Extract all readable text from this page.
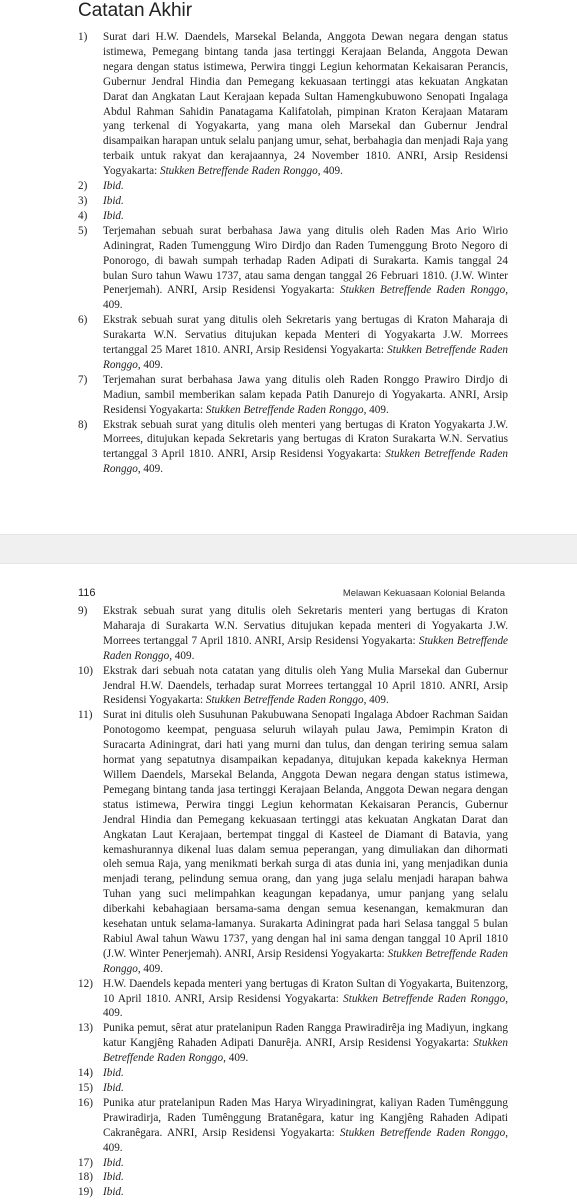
Catatan Akhir
1) Surat dari H.W. Daendels, Marsekal Belanda, Anggota Dewan negara dengan status istimewa, Pemegang bintang tanda jasa tertinggi Kerajaan Belanda, Anggota Dewan negara dengan status istimewa, Perwira tinggi Legiun kehormatan Kekaisaran Perancis, Gubernur Jendral Hindia dan Pemegang kekuasaan tertinggi atas kekuatan Angkatan Darat dan Angkatan Laut Kerajaan kepada Sultan Hamengkubuwono Senopati Ingalaga Abdul Rahman Sahidin Panatagama Kalifatolah, pimpinan Kraton Kerajaan Mataram yang terkenal di Yogyakarta, yang mana oleh Marsekal dan Gubernur Jendral disampaikan harapan untuk selalu panjang umur, sehat, berbahagia dan menjadi Raja yang terbaik untuk rakyat dan kerajaannya, 24 November 1810. ANRI, Arsip Residensi Yogyakarta: Stukken Betreffende Raden Ronggo, 409.
2) Ibid.
3) Ibid.
4) Ibid.
5) Terjemahan sebuah surat berbahasa Jawa yang ditulis oleh Raden Mas Ario Wirio Adiningrat, Raden Tumenggung Wiro Dirdjo dan Raden Tumenggung Broto Negoro di Ponorogo, di bawah sumpah terhadap Raden Adipati di Surakarta. Kamis tanggal 24 bulan Suro tahun Wawu 1737, atau sama dengan tanggal 26 Februari 1810. (J.W. Winter Penerjemah). ANRI, Arsip Residensi Yogyakarta: Stukken Betreffende Raden Ronggo, 409.
6) Ekstrak sebuah surat yang ditulis oleh Sekretaris yang bertugas di Kraton Maharaja di Surakarta W.N. Servatius ditujukan kepada Menteri di Yogyakarta J.W. Morrees tertanggal 25 Maret 1810. ANRI, Arsip Residensi Yogyakarta: Stukken Betreffende Raden Ronggo, 409.
7) Terjemahan surat berbahasa Jawa yang ditulis oleh Raden Ronggo Prawiro Dirdjo di Madiun, sambil memberikan salam kepada Patih Danurejo di Yogyakarta. ANRI, Arsip Residensi Yogyakarta: Stukken Betreffende Raden Ronggo, 409.
8) Ekstrak sebuah surat yang ditulis oleh menteri yang bertugas di Kraton Yogyakarta J.W. Morrees, ditujukan kepada Sekretaris yang bertugas di Kraton Surakarta W.N. Servatius tertanggal 3 April 1810. ANRI, Arsip Residensi Yogyakarta: Stukken Betreffende Raden Ronggo, 409.
116	Melawan Kekuasaan Kolonial Belanda
9) Ekstrak sebuah surat yang ditulis oleh Sekretaris menteri yang bertugas di Kraton Maharaja di Surakarta W.N. Servatius ditujukan kepada menteri di Yogyakarta J.W. Morrees tertanggal 7 April 1810. ANRI, Arsip Residensi Yogyakarta: Stukken Betreffende Raden Ronggo, 409.
10) Ekstrak dari sebuah nota catatan yang ditulis oleh Yang Mulia Marsekal dan Gubernur Jendral H.W. Daendels, terhadap surat Morrees tertanggal 10 April 1810. ANRI, Arsip Residensi Yogyakarta: Stukken Betreffende Raden Ronggo, 409.
11) Surat ini ditulis oleh Susuhunan Pakubuwana Senopati Ingalaga Abdoer Rachman Saidan Ponotogomo keempat, penguasa seluruh wilayah pulau Jawa, Pemimpin Kraton di Suracarta Adiningrat, dari hati yang murni dan tulus, dan dengan teriring semua salam hormat yang sepatutnya disampaikan kepadanya, ditujukan kepada kakeknya Herman Willem Daendels, Marsekal Belanda, Anggota Dewan negara dengan status istimewa, Pemegang bintang tanda jasa tertinggi Kerajaan Belanda, Anggota Dewan negara dengan status istimewa, Perwira tinggi Legiun kehormatan Kekaisaran Perancis, Gubernur Jendral Hindia dan Pemegang kekuasaan tertinggi atas kekuatan Angkatan Darat dan Angkatan Laut Kerajaan, bertempat tinggal di Kasteel de Diamant di Batavia, yang kemashurannya dikenal luas dalam semua peperangan, yang dimuliakan dan dihormati oleh semua Raja, yang menikmati berkah surga di atas dunia ini, yang menjadikan dunia menjadi terang, pelindung semua orang, dan yang juga selalu menjadi harapan bahwa Tuhan yang suci melimpahkan keagungan kepadanya, umur panjang yang selalu diberkahi kebahagiaan bersama-sama dengan semua kesenangan, kemakmuran dan kesehatan untuk selama-lamanya. Surakarta Adiningrat pada hari Selasa tanggal 5 bulan Rabiul Awal tahun Wawu 1737, yang dengan hal ini sama dengan tanggal 10 April 1810 (J.W. Winter Penerjemah). ANRI, Arsip Residensi Yogyakarta: Stukken Betreffende Raden Ronggo, 409.
12) H.W. Daendels kepada menteri yang bertugas di Kraton Sultan di Yogyakarta, Buitenzorg, 10 April 1810. ANRI, Arsip Residensi Yogyakarta: Stukken Betreffende Raden Ronggo, 409.
13) Punika pemut, sêrat atur pratelanipun Raden Rangga Prawiradirêja ing Madiyun, ingkang katur Kangjêng Rahaden Adipati Danurêja. ANRI, Arsip Residensi Yogyakarta: Stukken Betreffende Raden Ronggo, 409.
14) Ibid.
15) Ibid.
16) Punika atur pratelanipun Raden Mas Harya Wiryadiningrat, kaliyan Raden Tumênggung Prawiradirja, Raden Tumênggung Bratanêgara, katur ing Kangjêng Rahaden Adipati Cakranêgara. ANRI, Arsip Residensi Yogyakarta: Stukken Betreffende Raden Ronggo, 409.
17) Ibid.
18) Ibid.
19) Ibid.
